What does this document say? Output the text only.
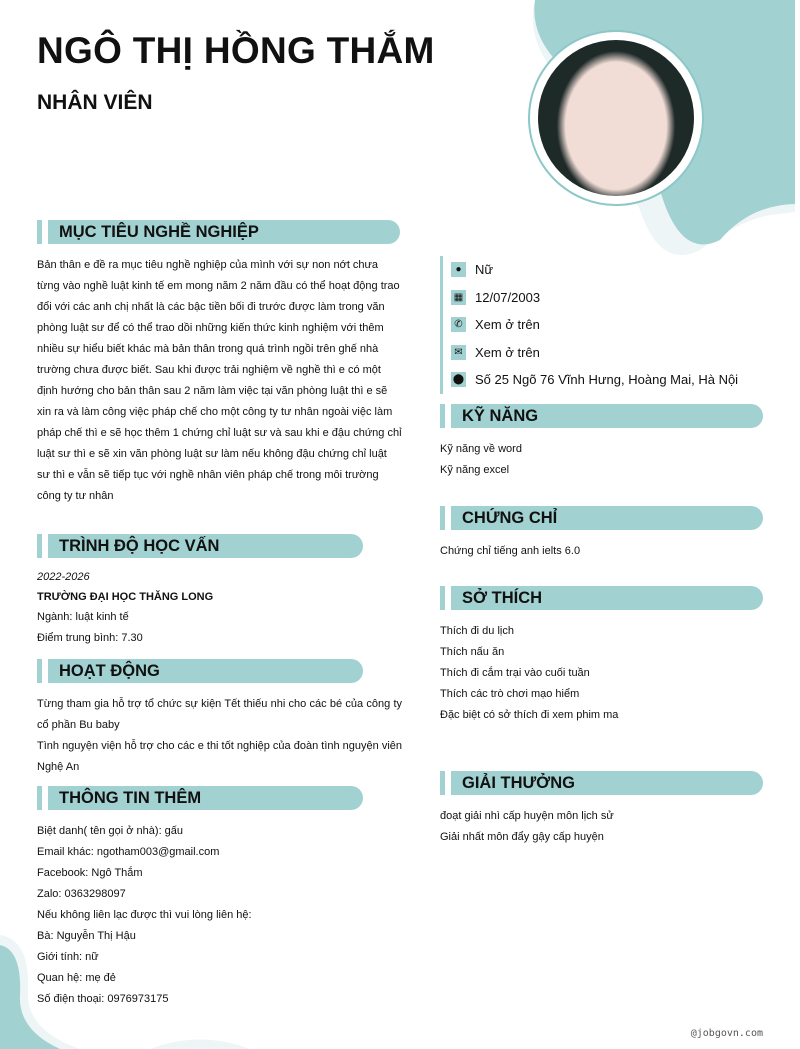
NGÔ THỊ HỒNG THẮM
NHÂN VIÊN
MỤC TIÊU NGHỀ NGHIỆP
Bản thân e đề ra mục tiêu nghề nghiệp của mình với sự non nớt chưa từng vào nghề luật kinh tế em mong năm 2 năm đầu có thể hoạt động trao đổi với các anh chị nhất là các bậc tiền bối đi trước được làm trong văn phòng luật sư để có thể trao dồi những kiến thức kinh nghiệm với thêm nhiều sự hiểu biết khác mà bản thân trong quá trình ngồi trên ghế nhà trường chưa được biết. Sau khi được trải nghiệm về nghề thì e có một định hướng cho bản thân sau 2 năm làm việc tại văn phòng luật thì e sẽ xin ra và làm công việc pháp chế cho một công ty tư nhân ngoài việc làm pháp chế thì e sẽ học thêm 1 chứng chỉ luật sư và sau khi e đậu chứng chỉ luật sư thì e sẽ xin văn phòng luật sư làm nếu không đậu chứng chỉ luật sư thì e vẫn sẽ tiếp tục với nghề nhân viên pháp chế trong môi trường công ty tư nhân
TRÌNH ĐỘ HỌC VẤN
2022-2026
TRƯỜNG ĐẠI HỌC THĂNG LONG
Ngành: luật kinh tế
Điểm trung bình: 7.30
HOẠT ĐỘNG
Từng tham gia hỗ trợ tổ chức sự kiện Tết thiếu nhi cho các bé của công ty cổ phần Bu baby
Tình nguyện viện hỗ trợ cho các e thi tốt nghiệp của đoàn tình nguyện viên Nghệ An
THÔNG TIN THÊM
Biệt danh( tên gọi ở nhà): gấu
Email khác: ngotham003@gmail.com
Facebook: Ngô Thắm
Zalo: 0363298097
Nếu không liên lạc được thì vui lòng liên hệ:
Bà: Nguyễn Thị Hậu
Giới tính: nữ
Quan hệ: mẹ đẻ
Số điện thoại: 0976973175
●	Nữ
▦ 12/07/2003
✆ Xem ở trên
✉ Xem ở trên
⬤ Số 25 Ngõ 76 Vĩnh Hưng, Hoàng Mai, Hà Nội
KỸ NĂNG
Kỹ năng về word
Kỹ năng excel
CHỨNG CHỈ
Chứng chỉ tiếng anh ielts 6.0
SỞ THÍCH
Thích đi du lịch
Thích nấu ăn
Thích đi cắm trại vào cuối tuần
Thích các trò chơi mạo hiểm
Đặc biệt có sở thích đi xem phim ma
GIẢI THƯỞNG
đoạt giải nhì cấp huyện môn lịch sử
Giải nhất môn đẩy gậy cấp huyện
@jobgovn.com
